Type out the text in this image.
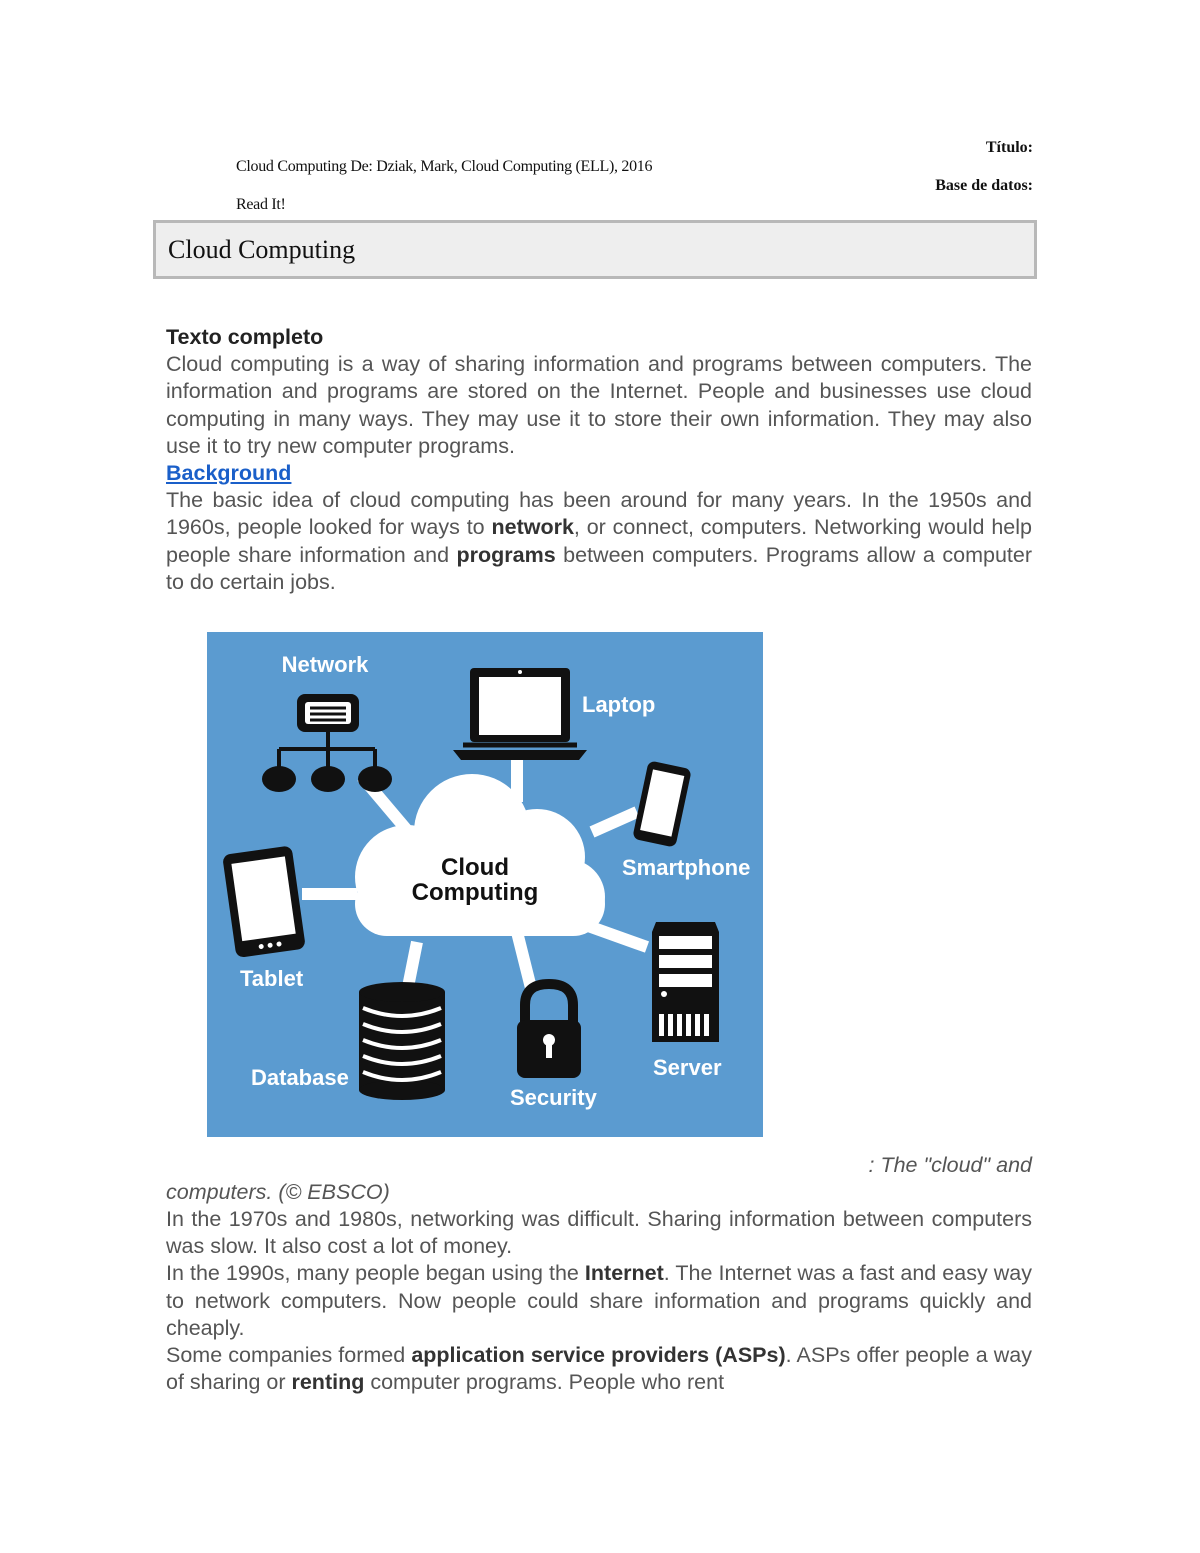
Cloud Computing De: Dziak, Mark, Cloud Computing (ELL), 2016
Read It!
Título:
Base de datos:
Cloud Computing
Texto completo

Cloud computing is a way of sharing information and programs between computers. The information and programs are stored on the Internet. People and businesses use cloud computing in many ways. They may use it to store their own information. They may also use it to try new computer programs.

Background

The basic idea of cloud computing has been around for many years. In the 1950s and 1960s, people looked for ways to network, or connect, computers. Networking would help people share information and programs between computers. Programs allow a computer to do certain jobs.

Cloud
Computing
Network
Laptop
Smartphone
Tablet
Database
Security
Server
: The "cloud" and
computers. (© EBSCO)

In the 1970s and 1980s, networking was difficult. Sharing information between computers was slow. It also cost a lot of money.

In the 1990s, many people began using the Internet. The Internet was a fast and easy way to network computers. Now people could share information and programs quickly and cheaply.

Some companies formed application service providers (ASPs). ASPs offer people a way of sharing or renting computer programs. People who rent
